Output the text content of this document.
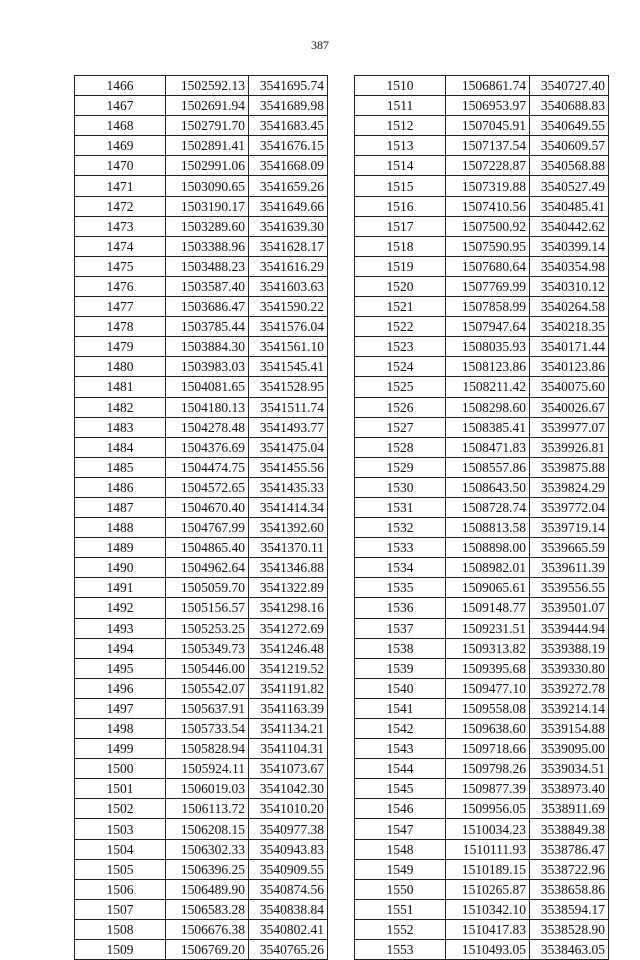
387
1466	1502592.13	3541695.74
1467	1502691.94	3541689.98
1468	1502791.70	3541683.45
1469	1502891.41	3541676.15
1470	1502991.06	3541668.09
1471	1503090.65	3541659.26
1472	1503190.17	3541649.66
1473	1503289.60	3541639.30
1474	1503388.96	3541628.17
1475	1503488.23	3541616.29
1476	1503587.40	3541603.63
1477	1503686.47	3541590.22
1478	1503785.44	3541576.04
1479	1503884.30	3541561.10
1480	1503983.03	3541545.41
1481	1504081.65	3541528.95
1482	1504180.13	3541511.74
1483	1504278.48	3541493.77
1484	1504376.69	3541475.04
1485	1504474.75	3541455.56
1486	1504572.65	3541435.33
1487	1504670.40	3541414.34
1488	1504767.99	3541392.60
1489	1504865.40	3541370.11
1490	1504962.64	3541346.88
1491	1505059.70	3541322.89
1492	1505156.57	3541298.16
1493	1505253.25	3541272.69
1494	1505349.73	3541246.48
1495	1505446.00	3541219.52
1496	1505542.07	3541191.82
1497	1505637.91	3541163.39
1498	1505733.54	3541134.21
1499	1505828.94	3541104.31
1500	1505924.11	3541073.67
1501	1506019.03	3541042.30
1502	1506113.72	3541010.20
1503	1506208.15	3540977.38
1504	1506302.33	3540943.83
1505	1506396.25	3540909.55
1506	1506489.90	3540874.56
1507	1506583.28	3540838.84
1508	1506676.38	3540802.41
1509	1506769.20	3540765.26
1510	1506861.74	3540727.40
1511	1506953.97	3540688.83
1512	1507045.91	3540649.55
1513	1507137.54	3540609.57
1514	1507228.87	3540568.88
1515	1507319.88	3540527.49
1516	1507410.56	3540485.41
1517	1507500.92	3540442.62
1518	1507590.95	3540399.14
1519	1507680.64	3540354.98
1520	1507769.99	3540310.12
1521	1507858.99	3540264.58
1522	1507947.64	3540218.35
1523	1508035.93	3540171.44
1524	1508123.86	3540123.86
1525	1508211.42	3540075.60
1526	1508298.60	3540026.67
1527	1508385.41	3539977.07
1528	1508471.83	3539926.81
1529	1508557.86	3539875.88
1530	1508643.50	3539824.29
1531	1508728.74	3539772.04
1532	1508813.58	3539719.14
1533	1508898.00	3539665.59
1534	1508982.01	3539611.39
1535	1509065.61	3539556.55
1536	1509148.77	3539501.07
1537	1509231.51	3539444.94
1538	1509313.82	3539388.19
1539	1509395.68	3539330.80
1540	1509477.10	3539272.78
1541	1509558.08	3539214.14
1542	1509638.60	3539154.88
1543	1509718.66	3539095.00
1544	1509798.26	3539034.51
1545	1509877.39	3538973.40
1546	1509956.05	3538911.69
1547	1510034.23	3538849.38
1548	1510111.93	3538786.47
1549	1510189.15	3538722.96
1550	1510265.87	3538658.86
1551	1510342.10	3538594.17
1552	1510417.83	3538528.90
1553	1510493.05	3538463.05
